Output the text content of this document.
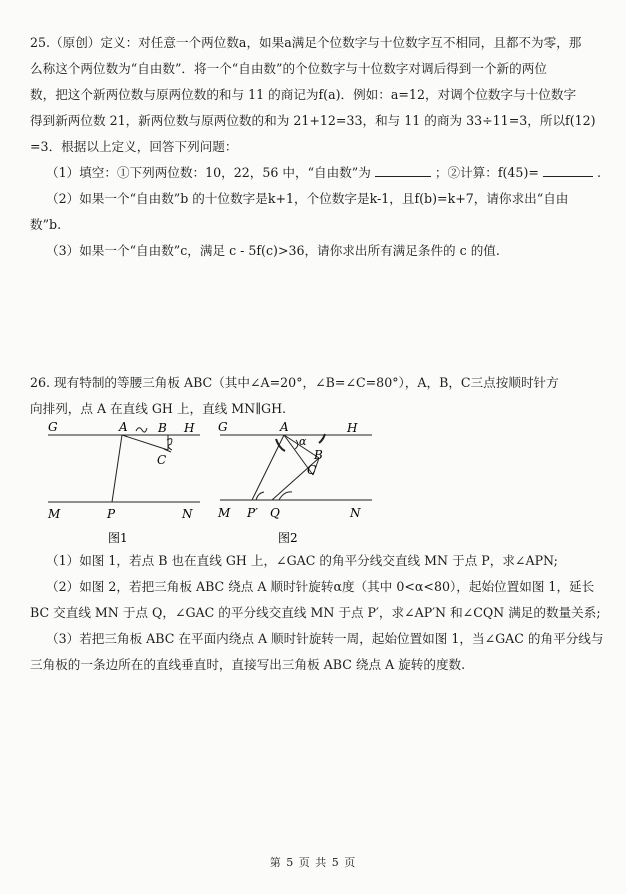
25.（原创）定义：对任意一个两位数a，如果a满足个位数字与十位数字互不相同，且都不为零，那
么称这个两位数为“自由数”．将一个“自由数”的个位数字与十位数字对调后得到一个新的两位
数，把这个新两位数与原两位数的和与 11 的商记为f(a)．例如：a=12，对调个位数字与十位数字
得到新两位数 21，新两位数与原两位数的和为 21+12=33，和与 11 的商为 33÷11=3，所以f(12)
=3．根据以上定义，回答下列问题：
（1）填空：①下列两位数：10，22，56 中，“自由数”为	；②计算：f(45)=	.
（2）如果一个“自由数”b 的十位数字是k+1，个位数字是k-1，且f(b)=k+7，请你求出“自由
数”b.
（3）如果一个“自由数”c，满足 c - 5f(c)>36，请你求出所有满足条件的 c 的值.
26. 现有特制的等腰三角板 ABC（其中∠A=20°，∠B=∠C=80°），A，B，C三点按顺时针方
向排列，点 A 在直线 GH 上，直线 MN∥GH.
G	A	B H
C
M	P	N
图1
G	A	H
α
B
C
M P′ Q	N
图2
（1）如图 1，若点 B 也在直线 GH 上，∠GAC 的角平分线交直线 MN 于点 P，求∠APN;
（2）如图 2，若把三角板 ABC 绕点 A 顺时针旋转α度（其中 0<α<80），起始位置如图 1，延长
BC 交直线 MN 于点 Q，∠GAC 的平分线交直线 MN 于点 P′，求∠AP′N 和∠CQN 满足的数量关系;
（3）若把三角板 ABC 在平面内绕点 A 顺时针旋转一周，起始位置如图 1，当∠GAC 的角平分线与
三角板的一条边所在的直线垂直时，直接写出三角板 ABC 绕点 A 旋转的度数.
第 5 页 共 5 页
